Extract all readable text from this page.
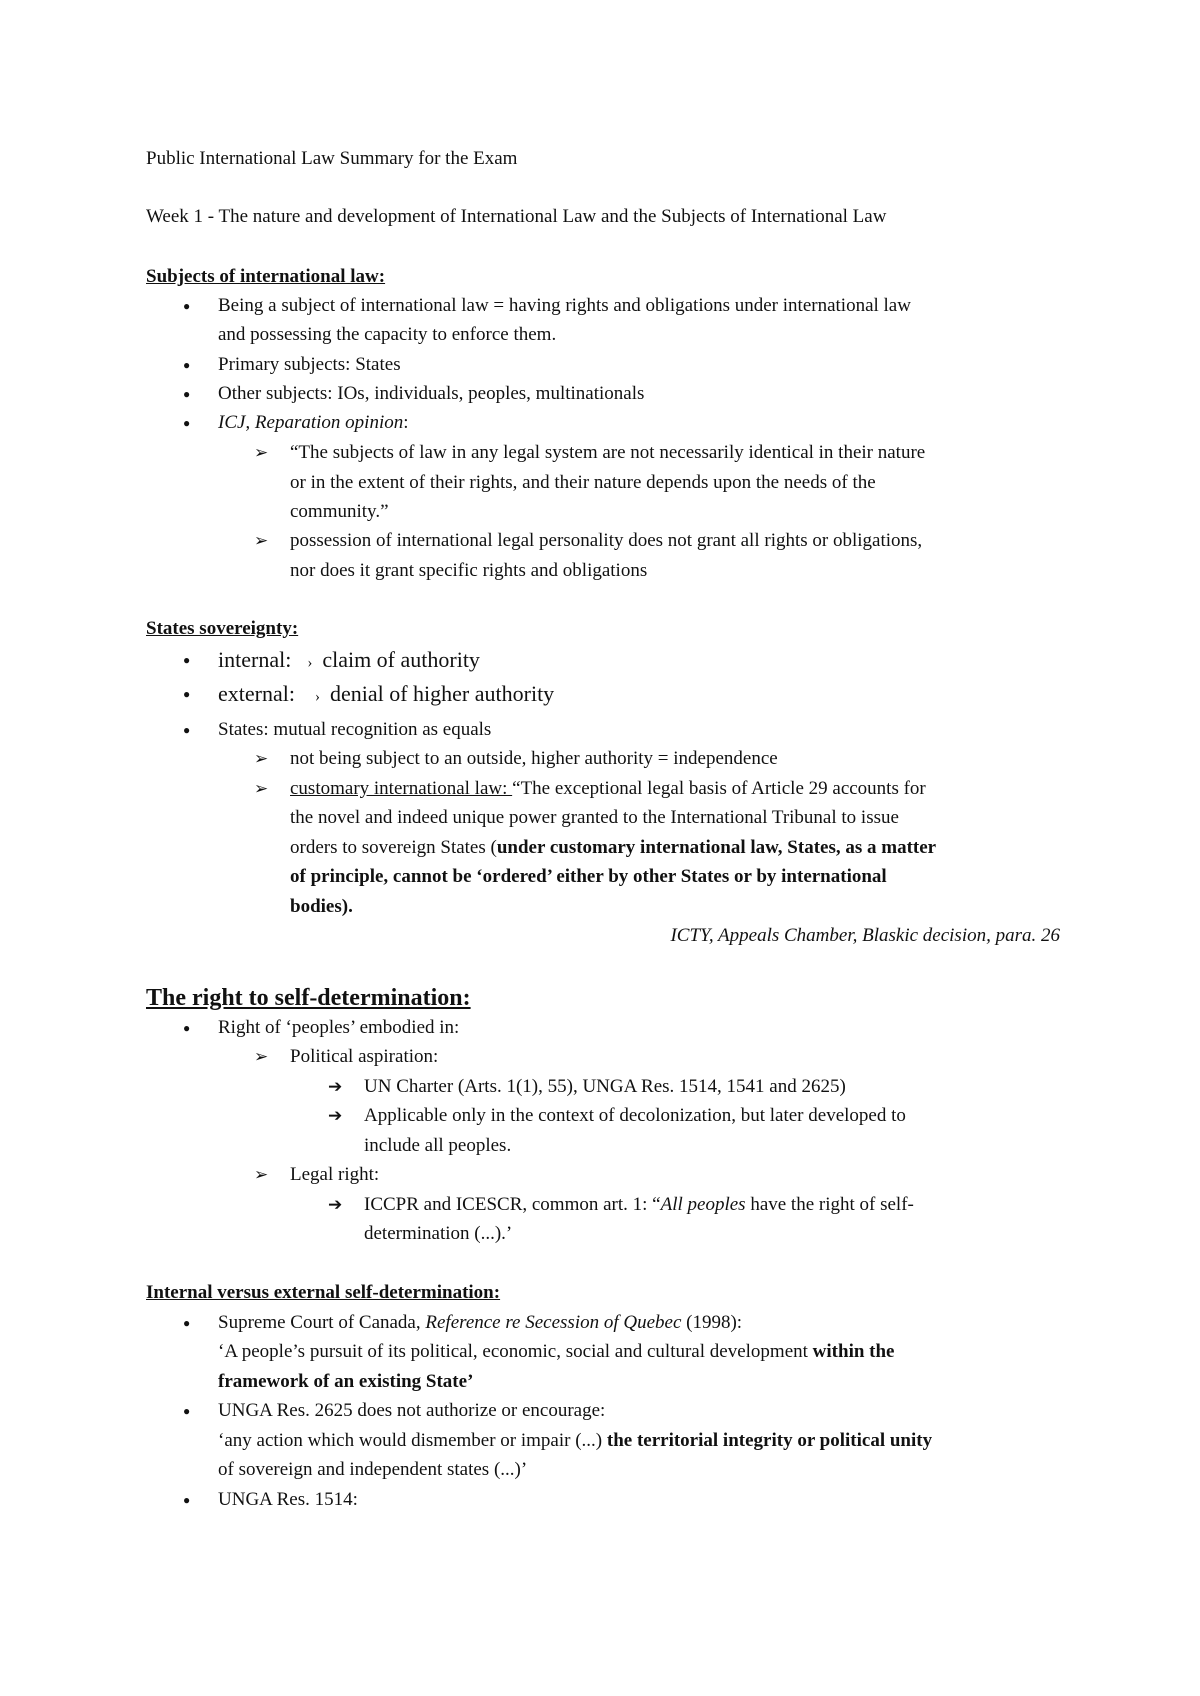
Public International Law Summary for the Exam
Week 1 - The nature and development of International Law and the Subjects of International Law
Subjects of international law:
● Being a subject of international law = having rights and obligations under international law
and possessing the capacity to enforce them.
● Primary subjects: States
● Other subjects: IOs, individuals, peoples, multinationals
● ICJ, Reparation opinion:
➢ “The subjects of law in any legal system are not necessarily identical in their nature
or in the extent of their rights, and their nature depends upon the needs of the
community.”
➢ possession of international legal personality does not grant all rights or obligations,
nor does it grant specific rights and obligations
States sovereignty:
● internal: › claim of authority
● external: › denial of higher authority
● States: mutual recognition as equals
➢ not being subject to an outside, higher authority = independence
➢ customary international law: “The exceptional legal basis of Article 29 accounts for
the novel and indeed unique power granted to the International Tribunal to issue
orders to sovereign States (under customary international law, States, as a matter
of principle, cannot be ‘ordered’ either by other States or by international
bodies).
ICTY, Appeals Chamber, Blaskic decision, para. 26
The right to self-determination:
● Right of ‘peoples’ embodied in:
➢ Political aspiration:
➔ UN Charter (Arts. 1(1), 55), UNGA Res. 1514, 1541 and 2625)
➔ Applicable only in the context of decolonization, but later developed to
include all peoples.
➢ Legal right:
➔ ICCPR and ICESCR, common art. 1: “All peoples have the right of self-
determination (...).’
Internal versus external self-determination:
● Supreme Court of Canada, Reference re Secession of Quebec (1998):
‘A people’s pursuit of its political, economic, social and cultural development within the
framework of an existing State’
● UNGA Res. 2625 does not authorize or encourage:
‘any action which would dismember or impair (...) the territorial integrity or political unity
of sovereign and independent states (...)’
● UNGA Res. 1514:
